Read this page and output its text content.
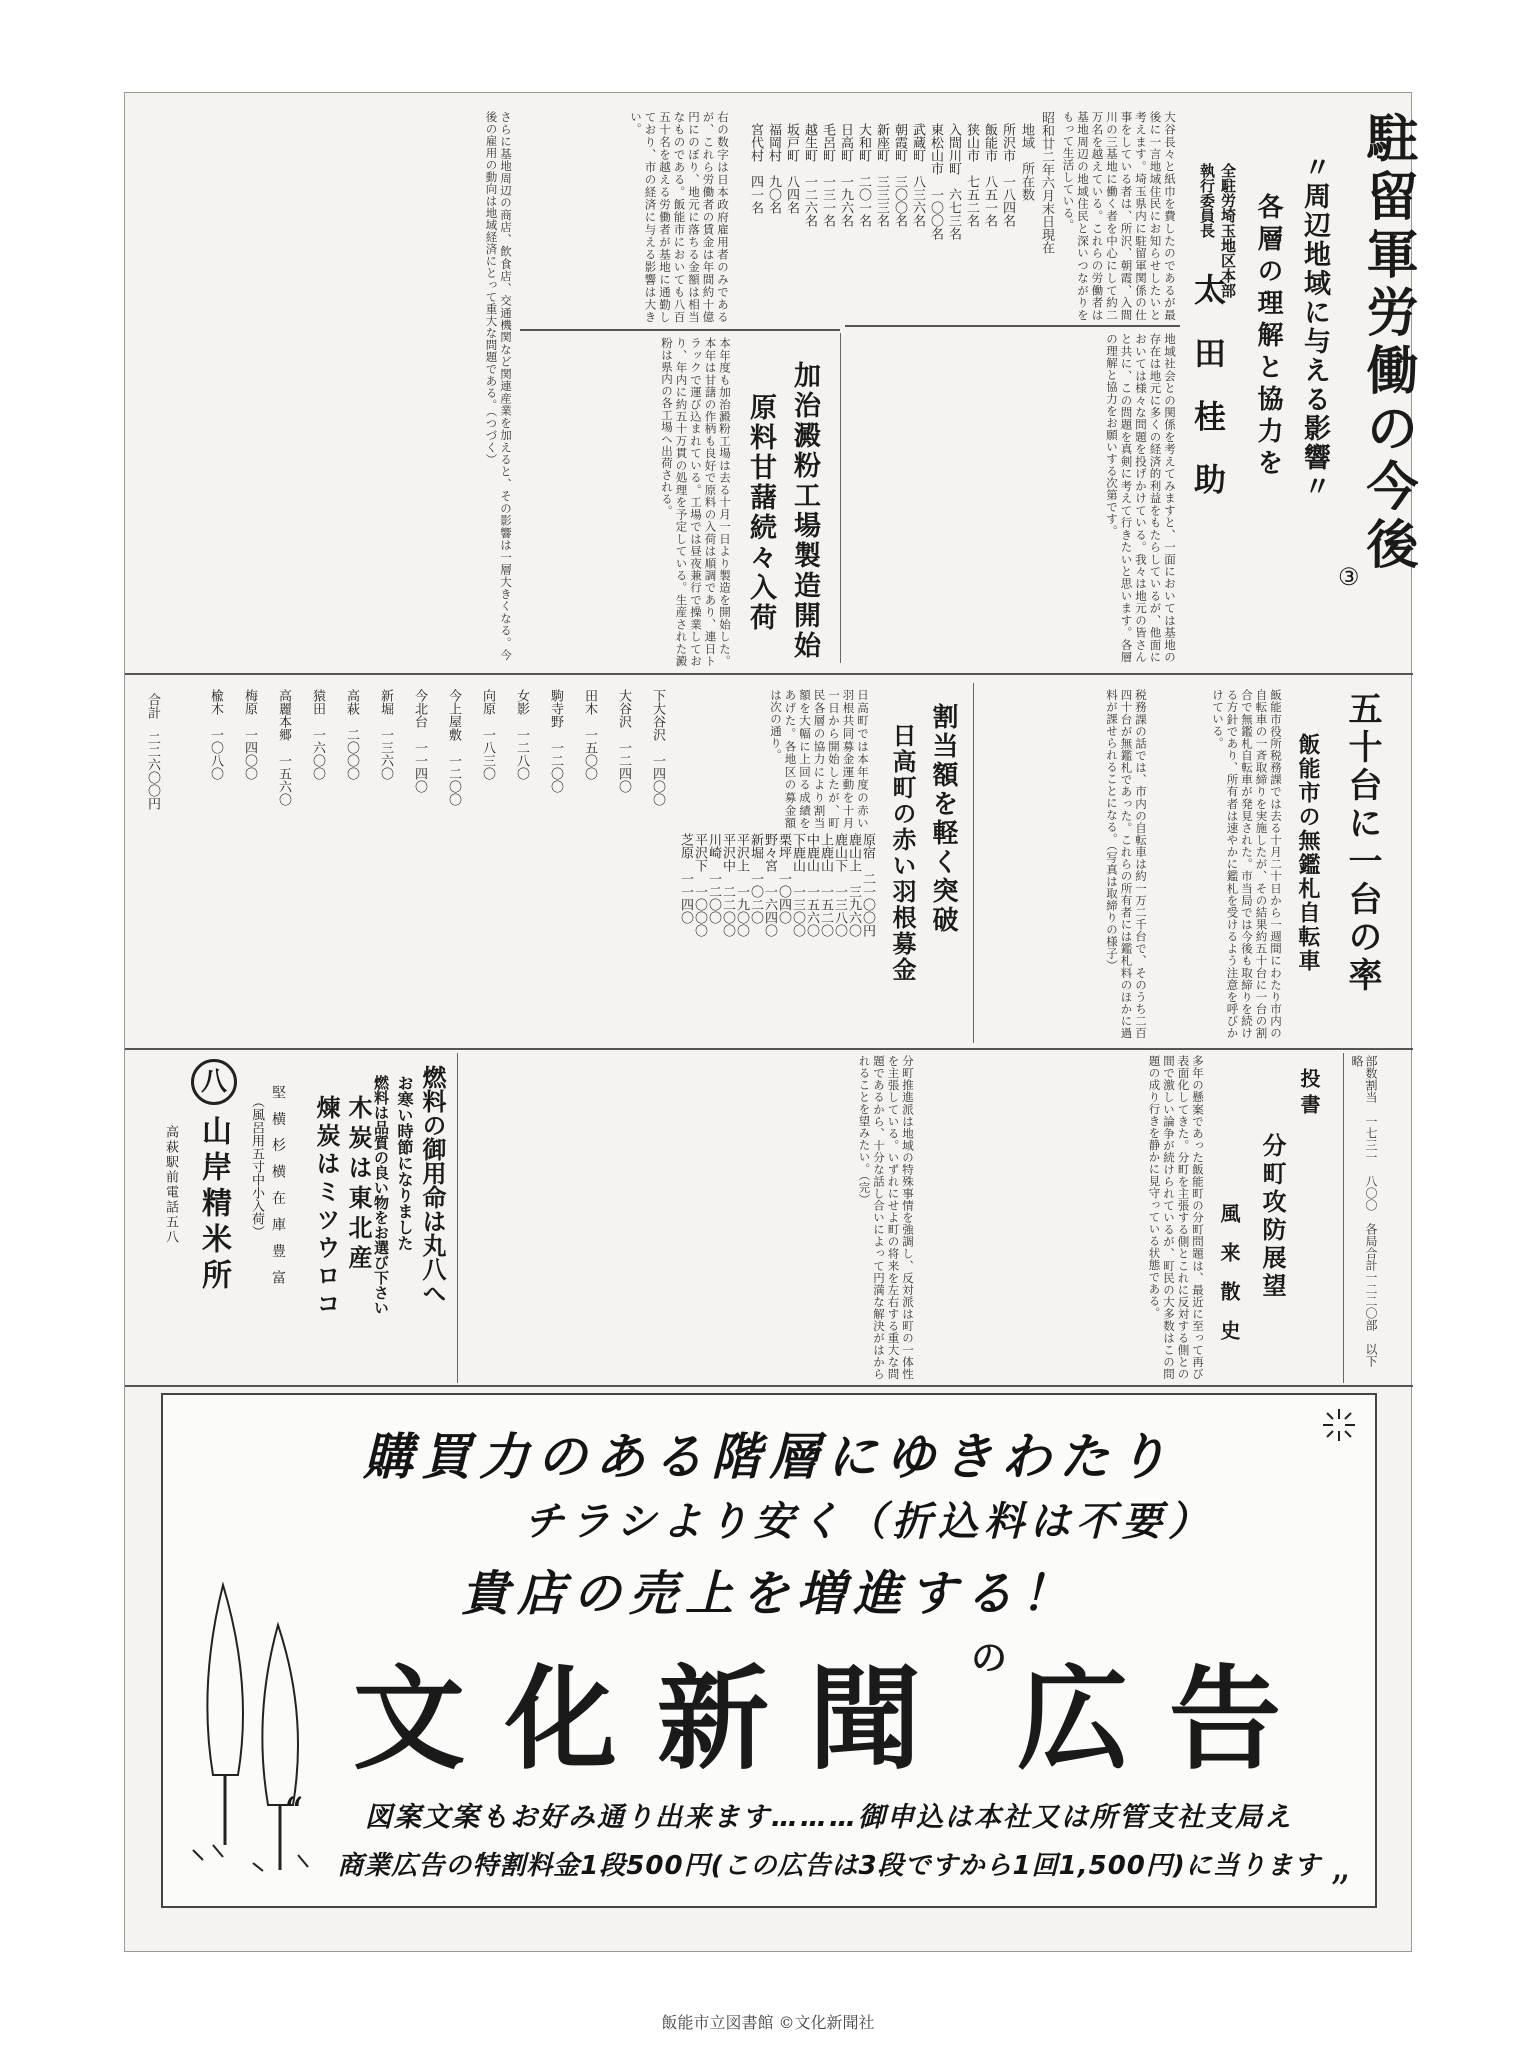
駐留軍労働の今後
③
〃周辺地域に与える影響〃
各層の理解と協力を
全駐労埼玉地区本部
執行委員長
太 田 桂 助
大谷長々と紙巾を費したのであるが最後に一言地域住民にお知らせしたいと考えます。埼玉県内に駐留軍関係の仕事をしている者は、所沢、朝霞、入間川の三基地に働く者を中心にして約二万名を越えている。これらの労働者は基地周辺の地域住民と深いつながりをもって生活している。
地域社会との関係を考えてみますと、一面においては基地の存在は地元に多くの経済的利益をもたらしているが、他面においては様々な問題を投げかけている。我々は地元の皆さんと共に、この問題を真剣に考えて行きたいと思います。各層の理解と協力をお願いする次第です。
昭和廿二年六月末日現在
地域　所在数
所沢市　一八四名
飯能市　八五一名
狭山市　七五二名
入間川町　六七三名
東松山市　一〇〇名
武蔵町　八三六名
朝霞町　三〇〇名
新座町　三三三名
大和町　二〇一名
日高町　一九六名
毛呂町　一三一名
越生町　一二六名
坂戸町　八四名
福岡村　九〇名
宮代村　四一名
右の数字は日本政府雇用者のみであるが、これら労働者の賃金は年間約十億円にのぼり、地元に落ちる金額は相当なものである。飯能市においても八百五十名を越える労働者が基地に通勤しており、市の経済に与える影響は大きい。
さらに基地周辺の商店、飲食店、交通機関など関連産業を加えると、その影響は一層大きくなる。今後の雇用の動向は地域経済にとって重大な問題である。（つづく）
加治澱粉工場製造開始
原料甘藷続々入荷
本年度も加治澱粉工場は去る十月一日より製造を開始した。本年は甘藷の作柄も良好で原料の入荷は順調であり、連日トラックで運び込まれている。工場では昼夜兼行で操業しており、年内に約五十万貫の処理を予定している。生産された澱粉は県内の各工場へ出荷される。
五十台に一台の率
飯能市の無鑑札自転車
飯能市役所税務課では去る十月二十日から一週間にわたり市内の自転車の一斉取締りを実施したが、その結果約五十台に一台の割合で無鑑札自転車が発見された。市当局では今後も取締りを続ける方針であり、所有者は速やかに鑑札を受けるよう注意を呼びかけている。
税務課の話では、市内の自転車は約一万二千台で、そのうち二百四十台が無鑑札であった。これらの所有者には鑑札料のほかに過料が課せられることになる。（写真は取締りの様子）
割当額を軽く突破
日高町の赤い羽根募金
日高町では本年度の赤い羽根共同募金運動を十月一日から開始したが、町民各層の協力により割当額を大幅に上回る成績をあげた。各地区の募金額は次の通り。
原宿　二一〇〇円
鹿山上　三九六〇
鹿山下　一三八〇
上鹿山　一五二〇
中鹿山　一五六〇
下鹿山　一三〇〇
栗坪　一〇四〇
野々宮　一六四〇
新堀　一〇二〇
平沢上　一九〇〇
平沢中　二二〇〇
川崎　一二〇〇
平沢下　一〇〇〇
芝原　一一四〇
下大谷沢　一四〇〇
大谷沢　一二四〇
田木　一五〇〇
駒寺野　一二〇〇
女影　一二八〇
向原　一八三〇
今上屋敷　一二〇〇
今北台　一一四〇
新堀　一三六〇
高萩　二〇〇〇
猿田　一六〇〇
高麗本郷　一五六〇
梅原　一四〇〇
楡木　一〇八〇
合計　二二六〇〇円
部数割当　一七三一　八〇〇　各局合計一二二〇部　以下略
投書
分町攻防展望
風 来 散 史
多年の懸案であった飯能町の分町問題は、最近に至って再び表面化してきた。分町を主張する側とこれに反対する側との間で激しい論争が続けられているが、町民の大多数はこの問題の成り行きを静かに見守っている状態である。
分町推進派は地域の特殊事情を強調し、反対派は町の一体性を主張している。いずれにせよ町の将来を左右する重大な問題であるから、十分な話し合いによって円満な解決がはかられることを望みたい。（完）
燃料の御用命は丸八へ
お寒い時節になりました
燃料は品質の良い物をお選び下さい
木炭は東北産
煉炭はミツウロコ
堅 横 杉 横 在 庫 豊 富
（風呂用五寸中小入荷）
八
山岸精米所
高萩駅前電話五八
購買力のある階層にゆきわたり
チラシより安く（折込料は不要）
貴店の売上を増進する！
文化新聞 の広告
“	図案文案もお好み通り出来ます………御申込は本社又は所管支社支局え
商業広告の特割料金1段500円(この広告は3段ですから1回1,500円)に当ります „
飯能市立図書館 ©文化新聞社
